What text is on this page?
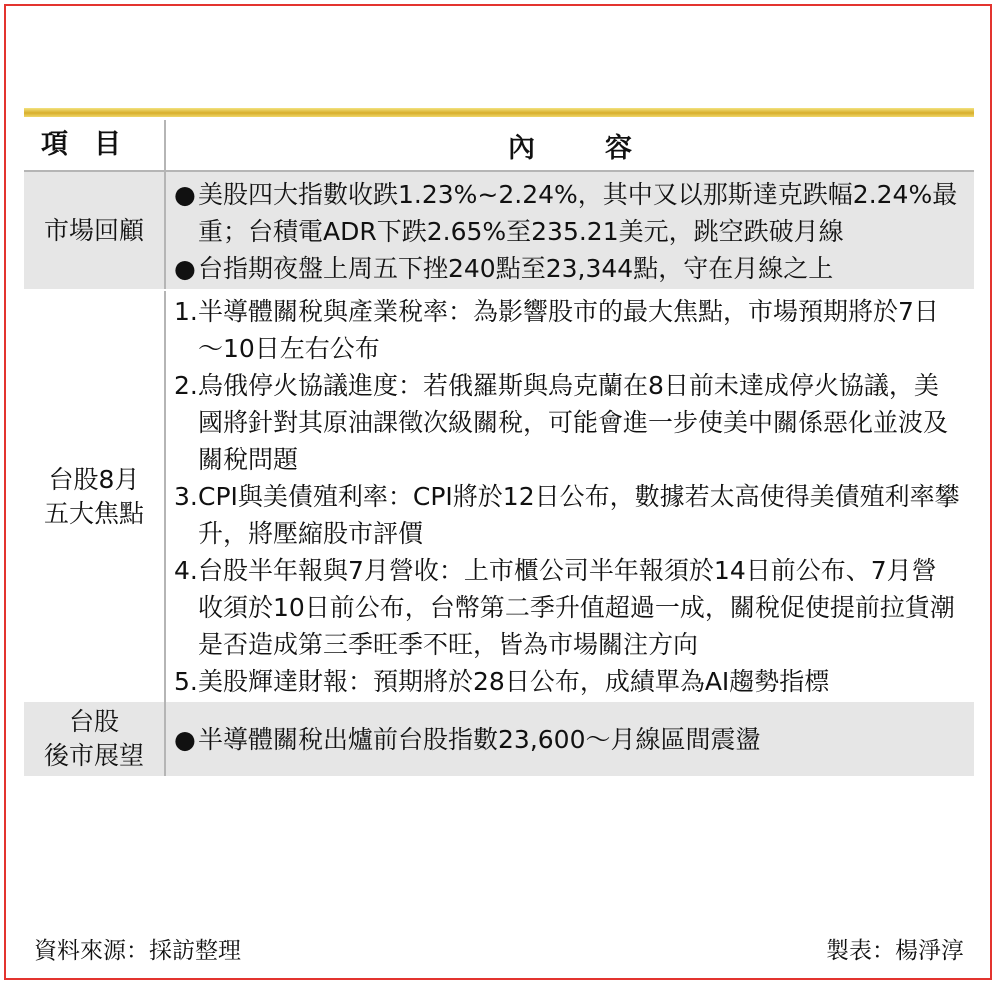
項目	內容
市場回顧
● 美股四大指數收跌1.23%~2.24%，其中又以那斯達克跌幅2.24%最重；台積電ADR下跌2.65%至235.21美元，跳空跌破月線
● 台指期夜盤上周五下挫240點至23,344點，守在月線之上
台股8月
五大焦點
1. 半導體關稅與產業稅率：為影響股市的最大焦點，市場預期將於7日～10日左右公布
2. 烏俄停火協議進度：若俄羅斯與烏克蘭在8日前未達成停火協議，美國將針對其原油課徵次級關稅，可能會進一步使美中關係惡化並波及關稅問題
3. CPI與美債殖利率：CPI將於12日公布，數據若太高使得美債殖利率攀升，將壓縮股市評價
4. 台股半年報與7月營收：上市櫃公司半年報須於14日前公布、7月營收須於10日前公布，台幣第二季升值超過一成，關稅促使提前拉貨潮是否造成第三季旺季不旺，皆為市場關注方向
5. 美股輝達財報：預期將於28日公布，成績單為AI趨勢指標
台股
後市展望
● 半導體關稅出爐前台股指數23,600～月線區間震盪
資料來源：採訪整理	製表：楊淨淳
